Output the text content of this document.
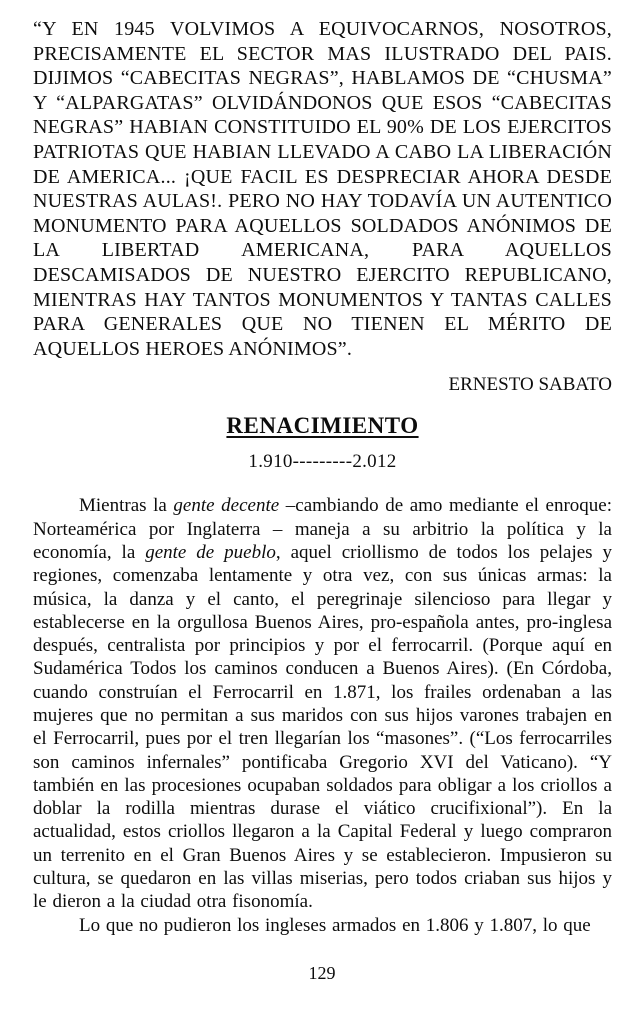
“Y EN 1945 VOLVIMOS A EQUIVOCARNOS, NOSOTROS, PRECISAMENTE EL SECTOR MAS ILUSTRADO DEL PAIS. DIJIMOS “CABECITAS NEGRAS”, HABLAMOS DE “CHUSMA” Y “ALPARGATAS” OLVIDÁNDONOS QUE ESOS “CABECITAS NEGRAS” HABIAN CONSTITUIDO EL 90% DE LOS EJERCITOS PATRIOTAS QUE HABIAN LLEVADO A CABO LA LIBERACIÓN DE AMERICA... ¡QUE FACIL ES DESPRECIAR AHORA DESDE NUESTRAS AULAS!. PERO NO HAY TODAVÍA UN AUTENTICO MONUMENTO PARA AQUELLOS SOLDADOS ANÓNIMOS DE LA LIBERTAD AMERICANA, PARA AQUELLOS DESCAMISADOS DE NUESTRO EJERCITO REPUBLICANO, MIENTRAS HAY TANTOS MONUMENTOS Y TANTAS CALLES PARA GENERALES QUE NO TIENEN EL MÉRITO DE AQUELLOS HEROES ANÓNIMOS”.

ERNESTO SABATO

RENACIMIENTO

1.910---------2.012

Mientras la gente decente –cambiando de amo mediante el enroque: Norteamérica por Inglaterra – maneja a su arbitrio la política y la economía, la gente de pueblo, aquel criollismo de todos los pelajes y regiones, comenzaba lentamente y otra vez, con sus únicas armas: la música, la danza y el canto, el peregrinaje silencioso para llegar y establecerse en la orgullosa Buenos Aires, pro-española antes, pro-inglesa después, centralista por principios y por el ferrocarril. (Porque aquí en Sudamérica Todos los caminos conducen a Buenos Aires). (En Córdoba, cuando construían el Ferrocarril en 1.871, los frailes ordenaban a las mujeres que no permitan a sus maridos con sus hijos varones trabajen en el Ferrocarril, pues por el tren llegarían los “masones”. (“Los ferrocarriles son caminos infernales” pontificaba Gregorio XVI del Vaticano). “Y también en las procesiones ocupaban soldados para obligar a los criollos a doblar la rodilla mientras durase el viático crucifixional”). En la actualidad, estos criollos llegaron a la Capital Federal y luego compraron un terrenito en el Gran Buenos Aires y se establecieron. Impusieron su cultura, se quedaron en las villas miserias, pero todos criaban sus hijos y le dieron a la ciudad otra fisonomía.

Lo que no pudieron los ingleses armados en 1.806 y 1.807, lo que

129
